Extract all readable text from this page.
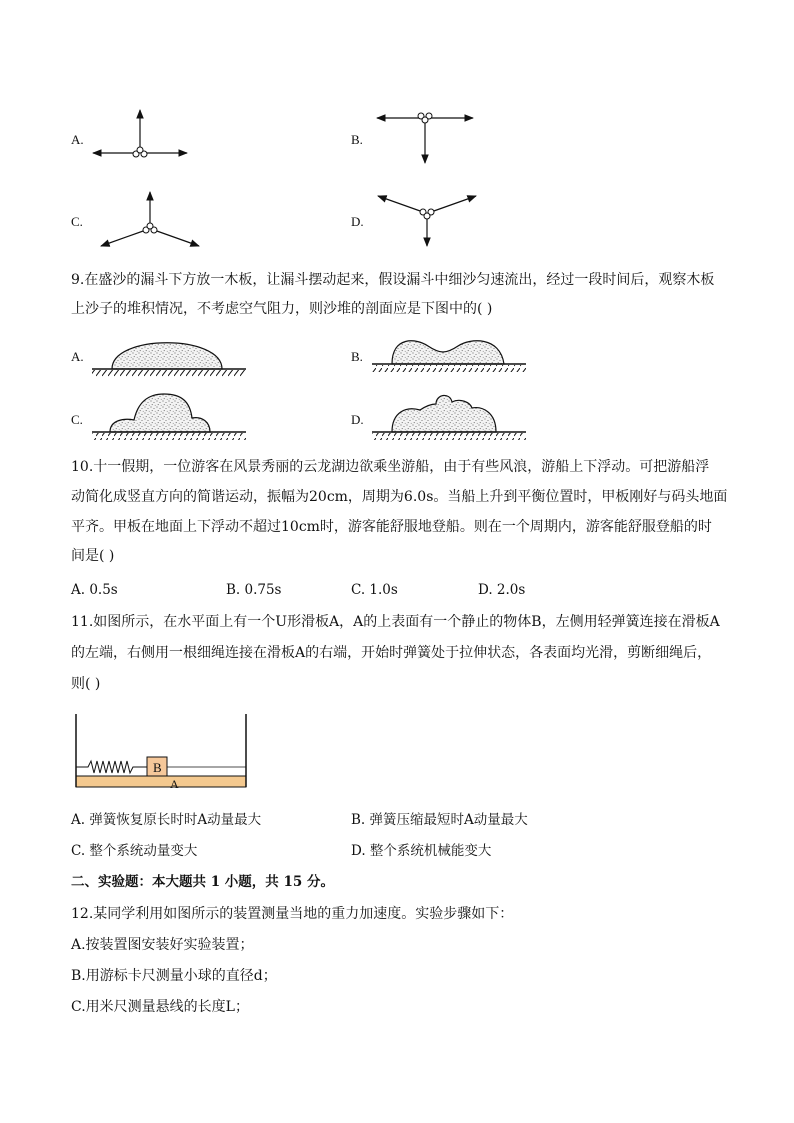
A.	B.
C.	D.
9.在盛沙的漏斗下方放一木板，让漏斗摆动起来，假设漏斗中细沙匀速流出，经过一段时间后，观察木板
上沙子的堆积情况，不考虑空气阻力，则沙堆的剖面应是下图中的( )
A.	B.
C.	D.
10.十一假期，一位游客在风景秀丽的云龙湖边欲乘坐游船，由于有些风浪，游船上下浮动。可把游船浮
动简化成竖直方向的简谐运动，振幅为20cm，周期为6.0s。当船上升到平衡位置时，甲板刚好与码头地面
平齐。甲板在地面上下浮动不超过10cm时，游客能舒服地登船。则在一个周期内，游客能舒服登船的时
间是( )
A. 0.5s	B. 0.75s	C. 1.0s	D. 2.0s
11.如图所示，在水平面上有一个U形滑板A，A的上表面有一个静止的物体B，左侧用轻弹簧连接在滑板A
的左端，右侧用一根细绳连接在滑板A的右端，开始时弹簧处于拉伸状态，各表面均光滑，剪断细绳后，
则( )
B
A
A. 弹簧恢复原长时时A动量最大	B. 弹簧压缩最短时A动量最大
C. 整个系统动量变大	D. 整个系统机械能变大
二、实验题：本大题共 1 小题，共 15 分。
12.某同学利用如图所示的装置测量当地的重力加速度。实验步骤如下：
A.按装置图安装好实验装置；
B.用游标卡尺测量小球的直径d；
C.用米尺测量悬线的长度L；
